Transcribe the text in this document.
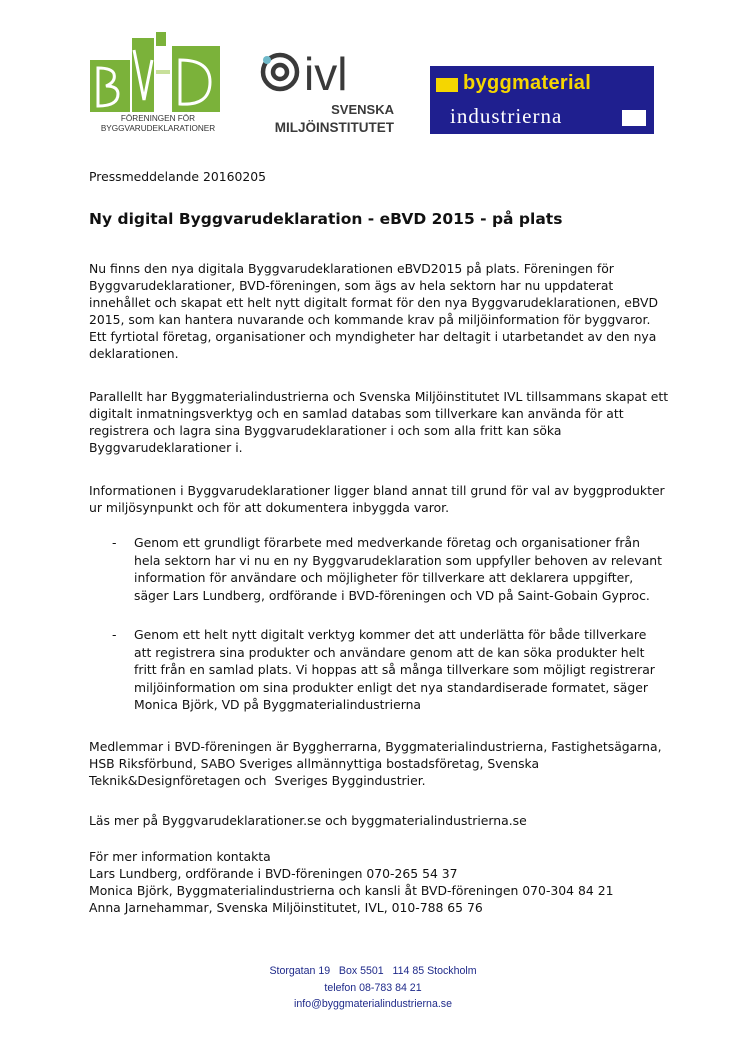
FÖRENINGEN FÖR
BYGGVARUDEKLARATIONER
ivl
SVENSKA
MILJÖINSTITUTET
byggmaterial
industrierna
Pressmeddelande 20160205
Ny digital Byggvarudeklaration - eBVD 2015 - på plats

Nu finns den nya digitala Byggvarudeklarationen eBVD2015 på plats. Föreningen för

Byggvarudeklarationer, BVD-föreningen, som ägs av hela sektorn har nu uppdaterat

innehållet och skapat ett helt nytt digitalt format för den nya Byggvarudeklarationen, eBVD

2015, som kan hantera nuvarande och kommande krav på miljöinformation för byggvaror.

Ett fyrtiotal företag, organisationer och myndigheter har deltagit i utarbetandet av den nya

deklarationen.

Parallellt har Byggmaterialindustrierna och Svenska Miljöinstitutet IVL tillsammans skapat ett

digitalt inmatningsverktyg och en samlad databas som tillverkare kan använda för att

registrera och lagra sina Byggvarudeklarationer i och som alla fritt kan söka

Byggvarudeklarationer i.

Informationen i Byggvarudeklarationer ligger bland annat till grund för val av byggprodukter

ur miljösynpunkt och för att dokumentera inbyggda varor.

- Genom ett grundligt förarbete med medverkande företag och organisationer från
hela sektorn har vi nu en ny Byggvarudeklaration som uppfyller behoven av relevant
information för användare och möjligheter för tillverkare att deklarera uppgifter,
säger Lars Lundberg, ordförande i BVD-föreningen och VD på Saint-Gobain Gyproc.
- Genom ett helt nytt digitalt verktyg kommer det att underlätta för både tillverkare
att registrera sina produkter och användare genom att de kan söka produkter helt
fritt från en samlad plats. Vi hoppas att så många tillverkare som möjligt registrerar
miljöinformation om sina produkter enligt det nya standardiserade formatet, säger
Monica Björk, VD på Byggmaterialindustrierna

Medlemmar i BVD-föreningen är Byggherrarna, Byggmaterialindustrierna, Fastighetsägarna,

HSB Riksförbund, SABO Sveriges allmännyttiga bostadsföretag, Svenska

Teknik&Designföretagen och  Sveriges Byggindustrier.

Läs mer på Byggvarudeklarationer.se och byggmaterialindustrierna.se

För mer information kontakta

Lars Lundberg, ordförande i BVD-föreningen 070-265 54 37

Monica Björk, Byggmaterialindustrierna och kansli åt BVD-föreningen 070-304 84 21

Anna Jarnehammar, Svenska Miljöinstitutet, IVL, 010-788 65 76

Storgatan 19   Box 5501   114 85 Stockholm
telefon 08-783 84 21
info@byggmaterialindustrierna.se
